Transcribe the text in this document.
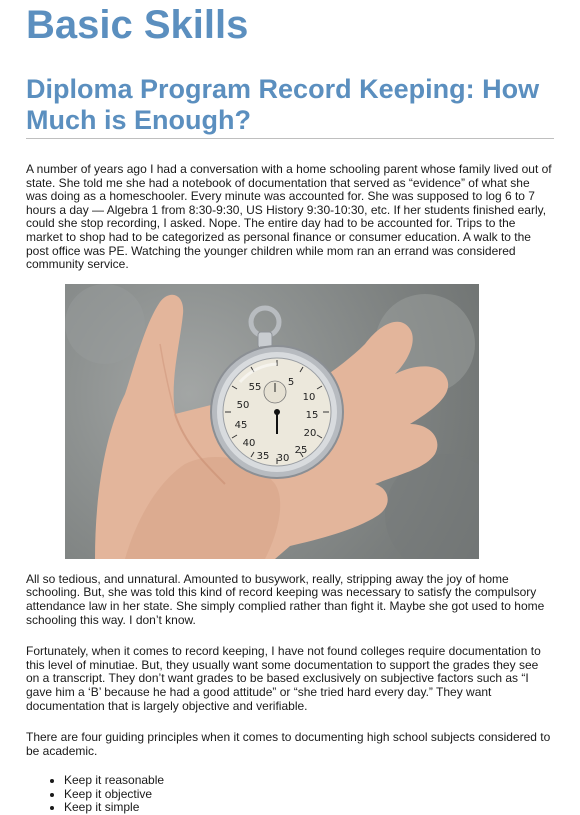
Basic Skills
Diploma Program Record Keeping: How Much is Enough?

A number of years ago I had a conversation with a home schooling parent whose family lived out of state. She told me she had a notebook of documentation that served as “evidence” of what she was doing as a homeschooler. Every minute was accounted for. She was supposed to log 6 to 7 hours a day — Algebra 1 from 8:30-9:30, US History 9:30-10:30, etc. If her students finished early, could she stop recording, I asked. Nope. The entire day had to be accounted for. Trips to the market to shop had to be categorized as personal finance or consumer education. A walk to the post office was PE. Watching the younger children while mom ran an errand was considered community service.

55	5
50
10
45
15
40
20
35
25
30

All so tedious, and unnatural. Amounted to busywork, really, stripping away the joy of home schooling. But, she was told this kind of record keeping was necessary to satisfy the compulsory attendance law in her state. She simply complied rather than fight it. Maybe she got used to home schooling this way. I don’t know.

Fortunately, when it comes to record keeping, I have not found colleges require documentation to this level of minutiae. But, they usually want some documentation to support the grades they see on a transcript. They don’t want grades to be based exclusively on subjective factors such as “I gave him a ‘B’ because he had a good attitude” or “she tried hard every day.” They want documentation that is largely objective and verifiable.

There are four guiding principles when it comes to documenting high school subjects considered to be academic.

• Keep it reasonable
• Keep it objective
• Keep it simple
